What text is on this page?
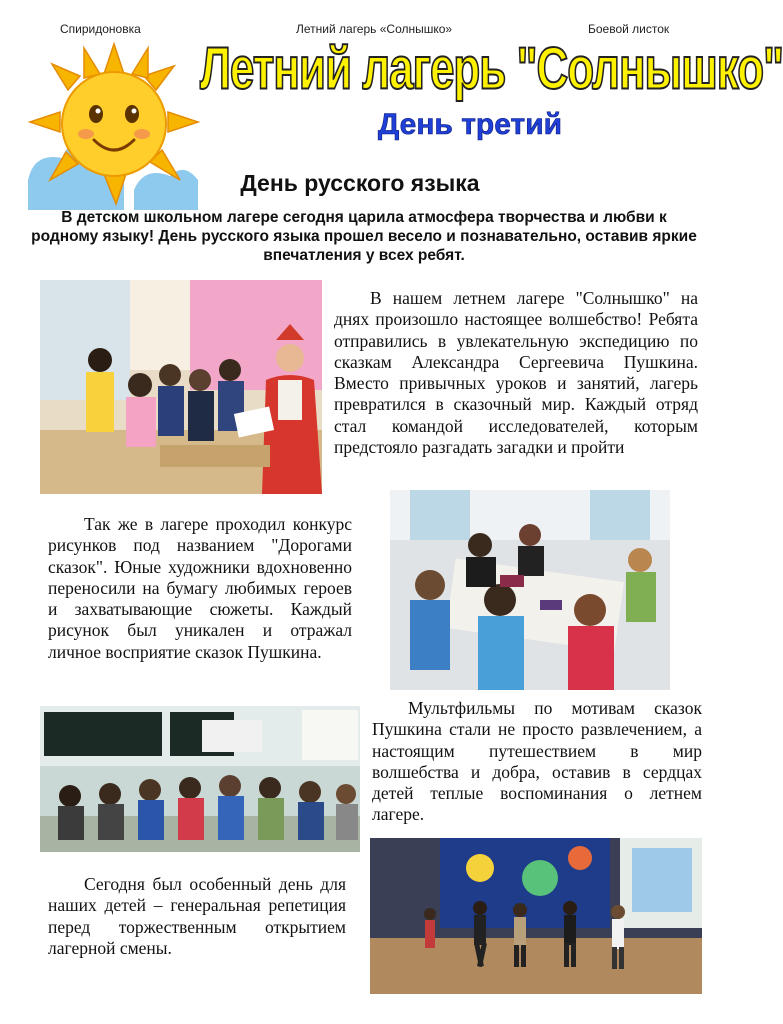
Спиридоновка	Летний лагерь «Солнышко»	Боевой листок
Летний лагерь "Солнышко"
День третий
День русского языка
В детском школьном лагере сегодня царила атмосфера творчества и любви к родному языку! День русского языка прошел весело и познавательно, оставив яркие впечатления у всех ребят.

В нашем летнем лагере "Солнышко" на днях произошло настоящее волшебство! Ребята отправились в увлекательную экспедицию по сказкам Александра Сергеевича Пушкина. Вместо привычных уроков и занятий, лагерь превратился в сказочный мир. Каждый отряд стал командой исследователей, которым предстояло разгадать загадки и пройти

Так же в лагере проходил конкурс рисунков под названием "Дорогами сказок". Юные художники вдохновенно переносили на бумагу любимых героев и захватывающие сюжеты. Каждый рисунок был уникален и отражал личное восприятие сказок Пушкина.

Мультфильмы по мотивам сказок Пушкина стали не просто развлечением, а настоящим путешествием в мир волшебства и добра, оставив в сердцах детей теплые воспоминания о летнем лагере.

Сегодня был особенный день для наших детей – генеральная репетиция перед торжественным открытием лагерной смены.
